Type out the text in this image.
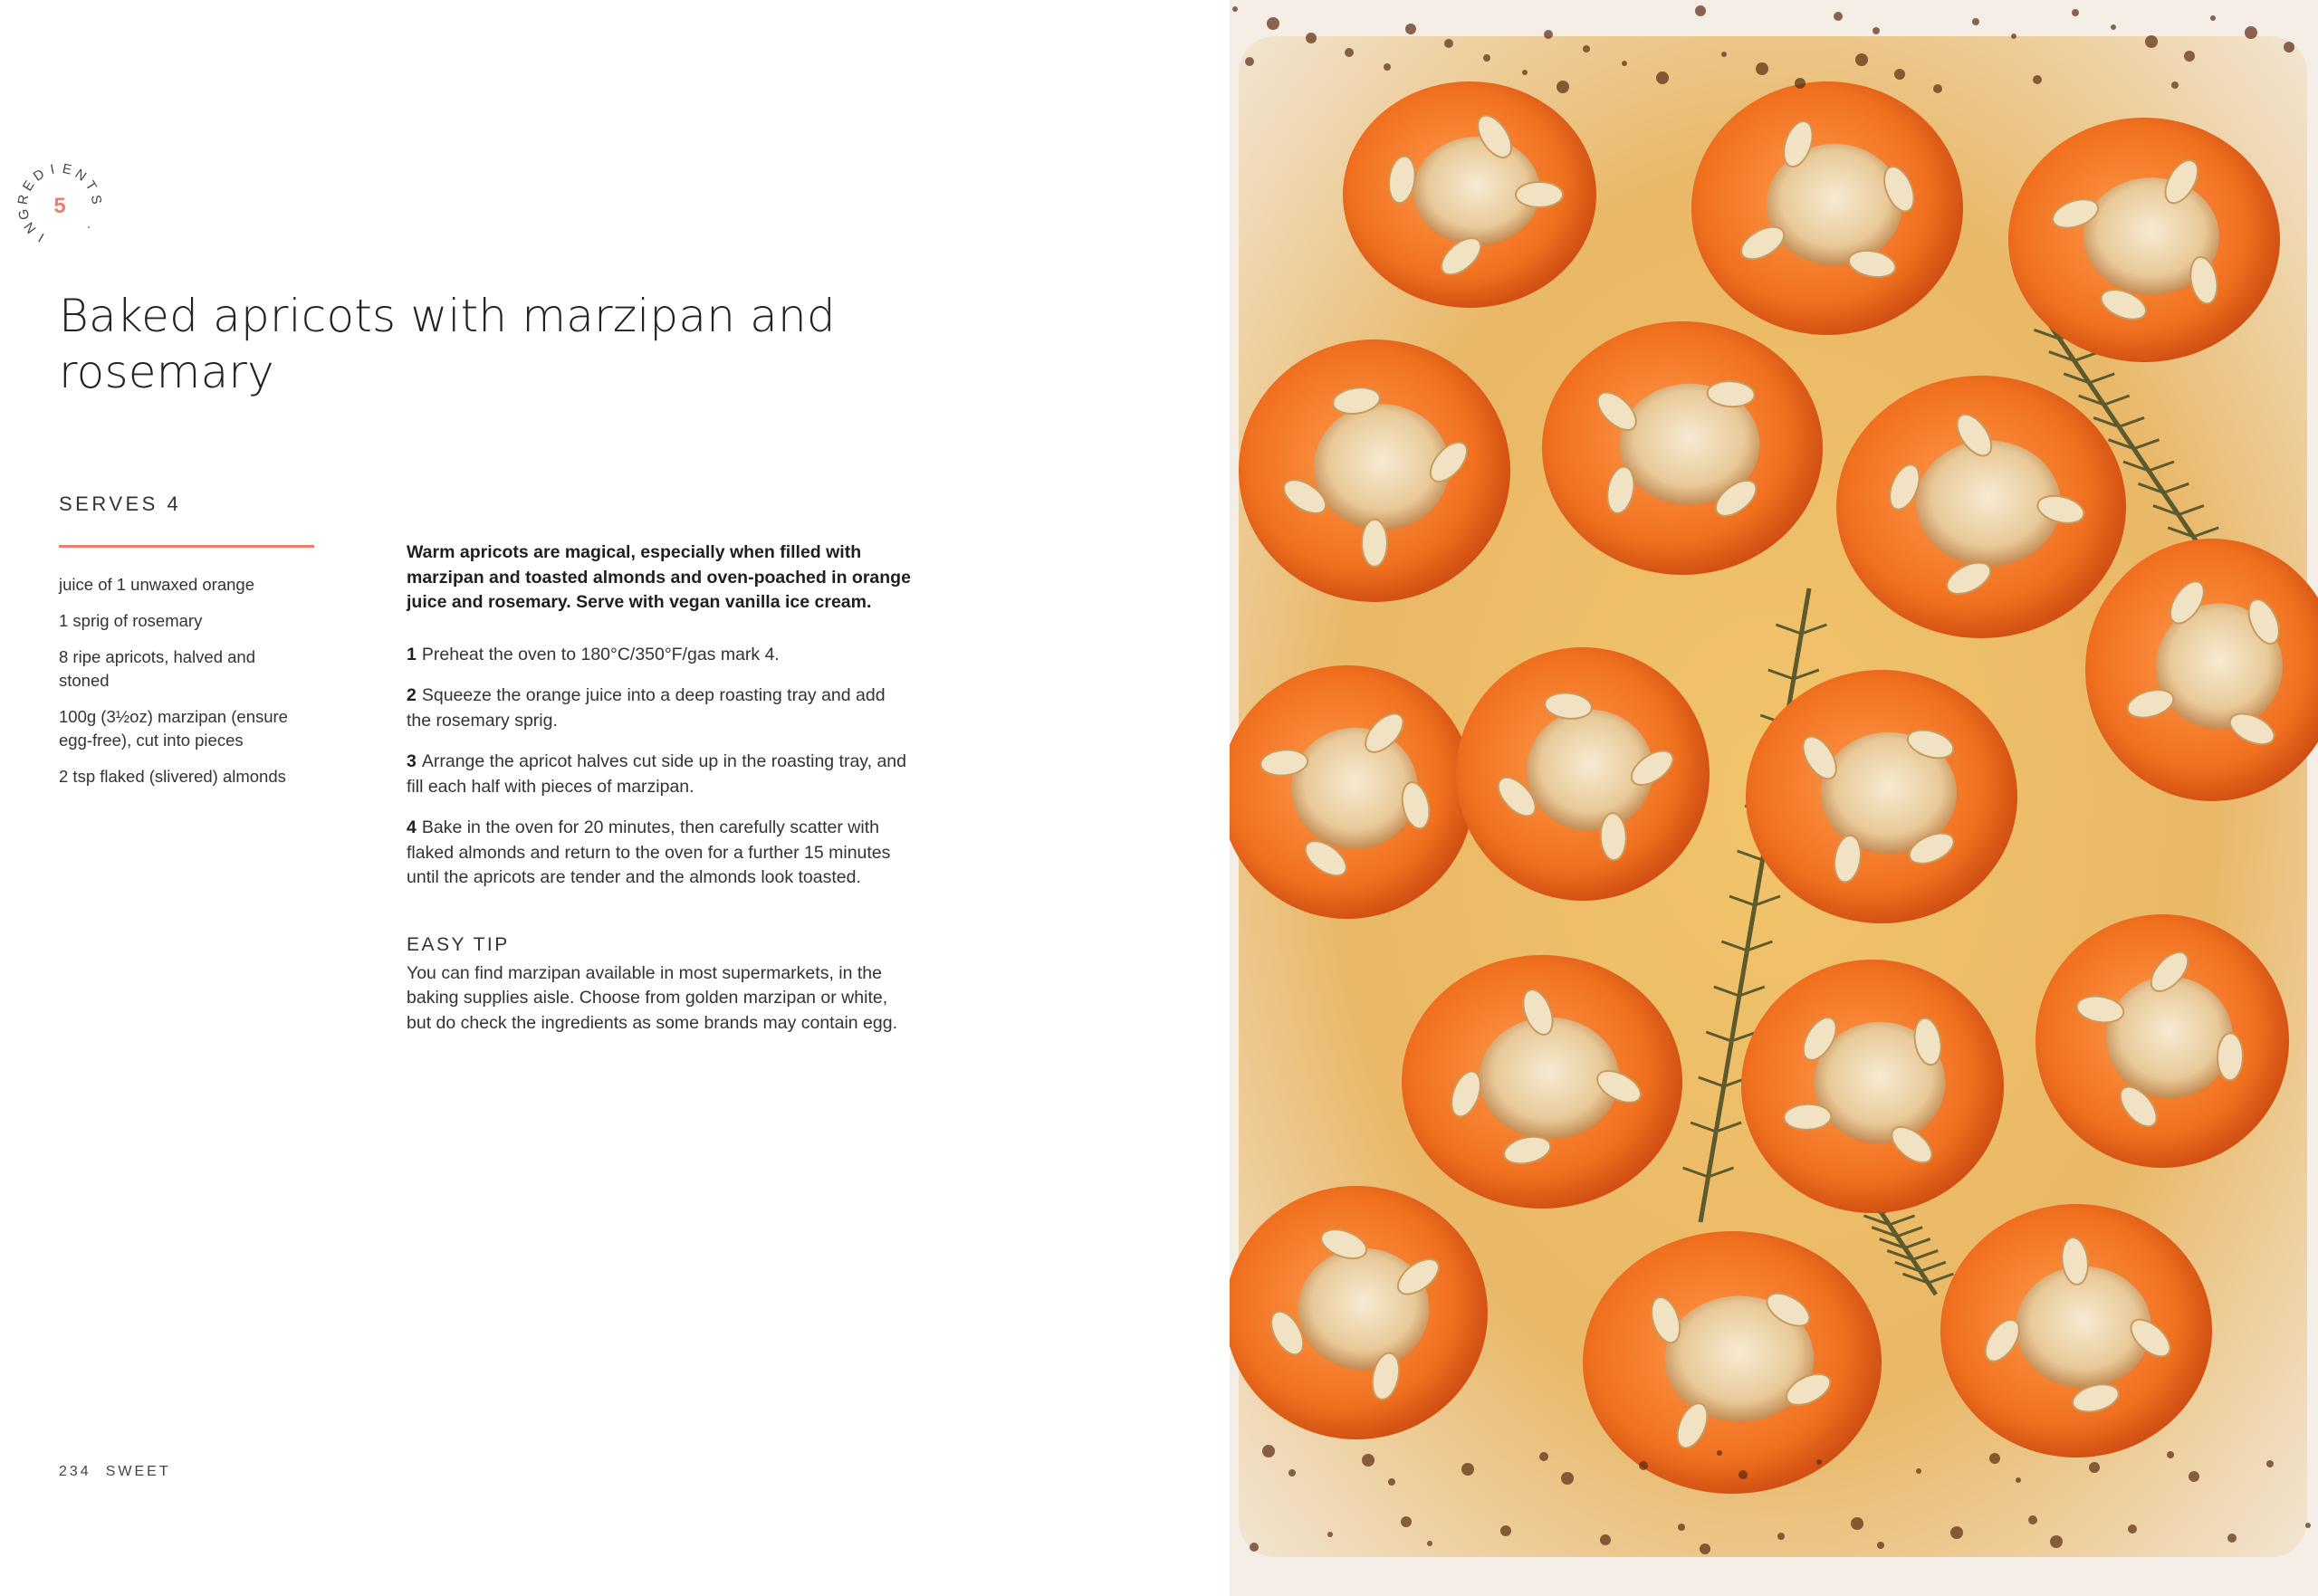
I
N
G
R
E
D I E N
T
S
·
5
Baked apricots with marzipan and
rosemary
SERVES 4
juice of 1 unwaxed orange
1 sprig of rosemary
8 ripe apricots, halved and stoned
100g (3½oz) marzipan (ensure egg-free), cut into pieces
2 tsp flaked (slivered) almonds

Warm apricots are magical, especially when filled with marzipan and toasted almonds and oven-poached in orange juice and rosemary. Serve with vegan vanilla ice cream.

1 Preheat the oven to 180°C/350°F/gas mark 4.
2 Squeeze the orange juice into a deep roasting tray and add the rosemary sprig.
3 Arrange the apricot halves cut side up in the roasting tray, and fill each half with pieces of marzipan.
4 Bake in the oven for 20 minutes, then carefully scatter with flaked almonds and return to the oven for a further 15 minutes until the apricots are tender and the almonds look toasted.
EASY TIP

You can find marzipan available in most supermarkets, in the baking supplies aisle. Choose from golden marzipan or white, but do check the ingredients as some brands may contain egg.

234 SWEET
